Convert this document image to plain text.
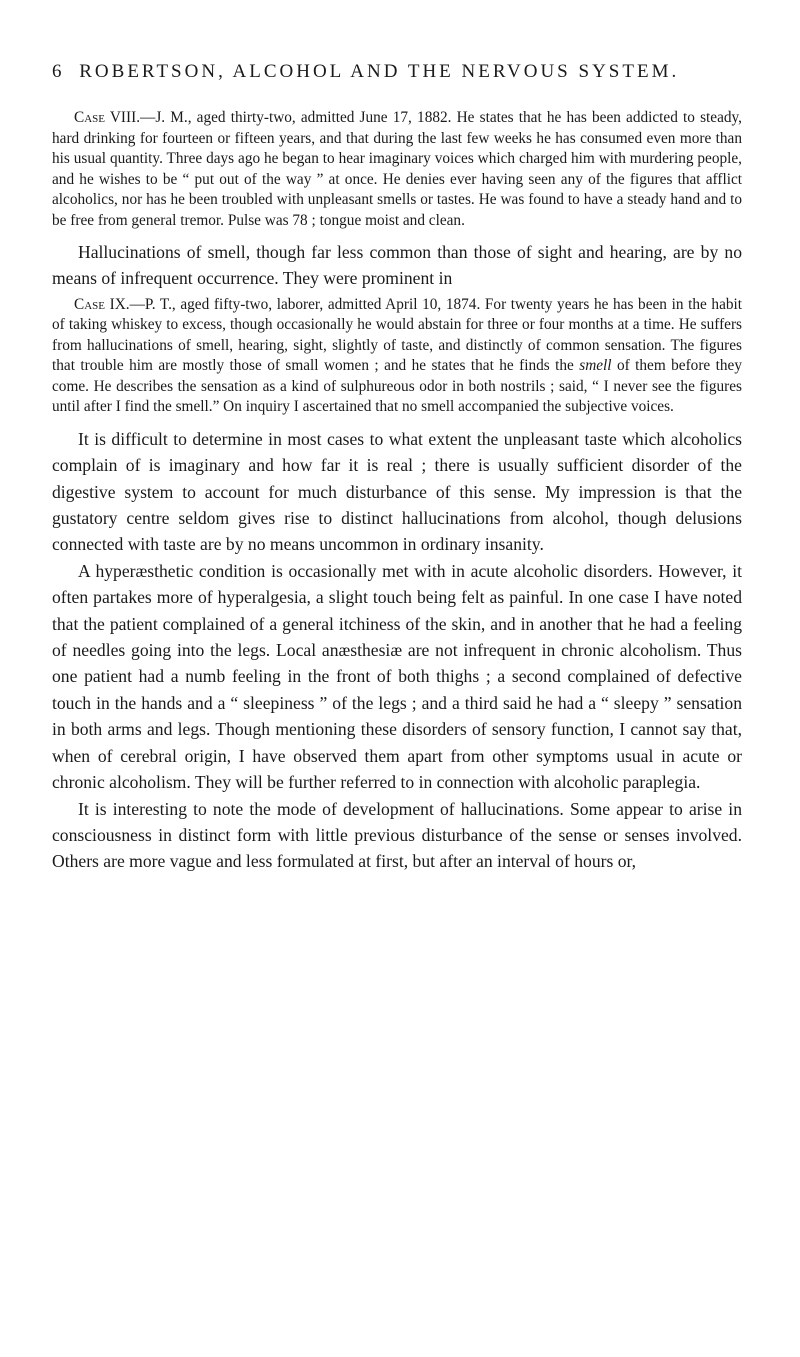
6 ROBERTSON, ALCOHOL AND THE NERVOUS SYSTEM.

Case VIII.—J. M., aged thirty-two, admitted June 17, 1882. He states that he has been addicted to steady, hard drinking for fourteen or fifteen years, and that during the last few weeks he has consumed even more than his usual quantity. Three days ago he began to hear imaginary voices which charged him with murdering people, and he wishes to be “ put out of the way ” at once. He denies ever having seen any of the figures that afflict alcoholics, nor has he been troubled with unpleasant smells or tastes. He was found to have a steady hand and to be free from general tremor. Pulse was 78 ; tongue moist and clean.

Hallucinations of smell, though far less common than those of sight and hearing, are by no means of infrequent occurrence. They were prominent in

Case IX.—P. T., aged fifty-two, laborer, admitted April 10, 1874. For twenty years he has been in the habit of taking whiskey to excess, though occasionally he would abstain for three or four months at a time. He suffers from hallucinations of smell, hearing, sight, slightly of taste, and distinctly of common sensation. The figures that trouble him are mostly those of small women ; and he states that he finds the smell of them before they come. He describes the sensation as a kind of sulphureous odor in both nostrils ; said, “ I never see the figures until after I find the smell.” On inquiry I ascertained that no smell accompanied the subjective voices.

It is difficult to determine in most cases to what extent the unpleasant taste which alcoholics complain of is imaginary and how far it is real ; there is usually sufficient disorder of the digestive system to account for much disturbance of this sense. My impression is that the gustatory centre seldom gives rise to distinct hallucinations from alcohol, though delusions connected with taste are by no means uncommon in ordinary insanity.

A hyperæsthetic condition is occasionally met with in acute alcoholic disorders. However, it often partakes more of hyperalgesia, a slight touch being felt as painful. In one case I have noted that the patient complained of a general itchiness of the skin, and in another that he had a feeling of needles going into the legs. Local anæsthesiæ are not infrequent in chronic alcoholism. Thus one patient had a numb feeling in the front of both thighs ; a second complained of defective touch in the hands and a “ sleepiness ” of the legs ; and a third said he had a “ sleepy ” sensation in both arms and legs. Though mentioning these disorders of sensory function, I cannot say that, when of cerebral origin, I have observed them apart from other symptoms usual in acute or chronic alcoholism. They will be further referred to in connection with alcoholic paraplegia.

It is interesting to note the mode of development of hallucinations. Some appear to arise in consciousness in distinct form with little previous disturbance of the sense or senses involved. Others are more vague and less formulated at first, but after an interval of hours or,
